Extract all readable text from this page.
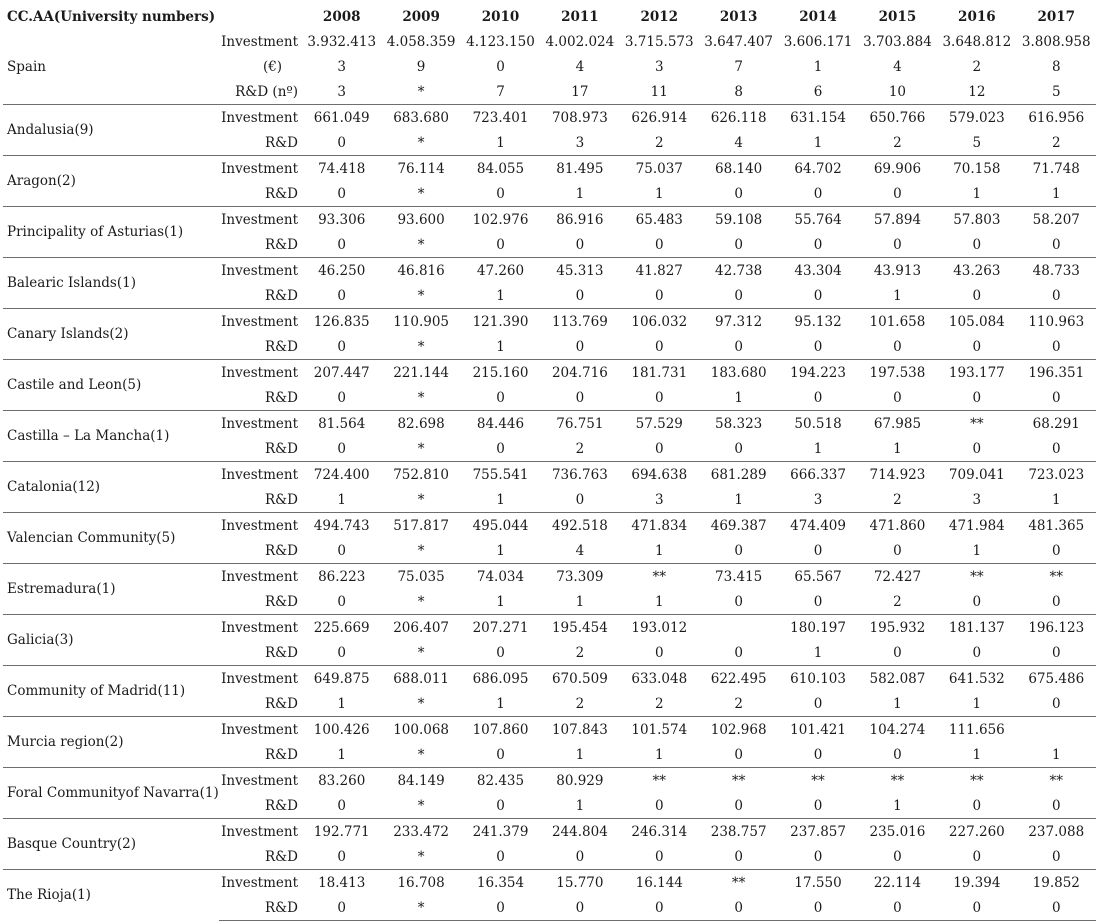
CC.AA(University numbers)		2008	2009	2010	2011	2012	2013	2014	2015	2016	2017
	Investment	3.932.413	4.058.359	4.123.150	4.002.024	3.715.573	3.647.407	3.606.171	3.703.884	3.648.812	3.808.958
Spain	(€)	3	9	0	4	3	7	1	4	2	8
	R&D (nº)	3	*	7	17	11	8	6	10	12	5
Andalusia(9)	Investment	661.049	683.680	723.401	708.973	626.914	626.118	631.154	650.766	579.023	616.956
	R&D	0	*	1	3	2	4	1	2	5	2
Aragon(2)	Investment	74.418	76.114	84.055	81.495	75.037	68.140	64.702	69.906	70.158	71.748
	R&D	0	*	0	1	1	0	0	0	1	1
Principality of Asturias(1)	Investment	93.306	93.600	102.976	86.916	65.483	59.108	55.764	57.894	57.803	58.207
	R&D	0	*	0	0	0	0	0	0	0	0
Balearic Islands(1)	Investment	46.250	46.816	47.260	45.313	41.827	42.738	43.304	43.913	43.263	48.733
	R&D	0	*	1	0	0	0	0	1	0	0
Canary Islands(2)	Investment	126.835	110.905	121.390	113.769	106.032	97.312	95.132	101.658	105.084	110.963
	R&D	0	*	1	0	0	0	0	0	0	0
Castile and Leon(5)	Investment	207.447	221.144	215.160	204.716	181.731	183.680	194.223	197.538	193.177	196.351
	R&D	0	*	0	0	0	1	0	0	0	0
Castilla – La Mancha(1)	Investment	81.564	82.698	84.446	76.751	57.529	58.323	50.518	67.985	**	68.291
	R&D	0	*	0	2	0	0	1	1	0	0
Catalonia(12)	Investment	724.400	752.810	755.541	736.763	694.638	681.289	666.337	714.923	709.041	723.023
	R&D	1	*	1	0	3	1	3	2	3	1
Valencian Community(5)	Investment	494.743	517.817	495.044	492.518	471.834	469.387	474.409	471.860	471.984	481.365
	R&D	0	*	1	4	1	0	0	0	1	0
Estremadura(1)	Investment	86.223	75.035	74.034	73.309	**	73.415	65.567	72.427	**	**
	R&D	0	*	1	1	1	0	0	2	0	0
Galicia(3)	Investment	225.669	206.407	207.271	195.454	193.012		180.197	195.932	181.137	196.123
	R&D	0	*	0	2	0	0	1	0	0	0
Community of Madrid(11)	Investment	649.875	688.011	686.095	670.509	633.048	622.495	610.103	582.087	641.532	675.486
	R&D	1	*	1	2	2	2	0	1	1	0
Murcia region(2)	Investment	100.426	100.068	107.860	107.843	101.574	102.968	101.421	104.274	111.656	
	R&D	1	*	0	1	1	0	0	0	1	1
Foral Communityof Navarra(1)	Investment	83.260	84.149	82.435	80.929	**	**	**	**	**	**
	R&D	0	*	0	1	0	0	0	1	0	0
Basque Country(2)	Investment	192.771	233.472	241.379	244.804	246.314	238.757	237.857	235.016	227.260	237.088
	R&D	0	*	0	0	0	0	0	0	0	0
The Rioja(1)	Investment	18.413	16.708	16.354	15.770	16.144	**	17.550	22.114	19.394	19.852
	R&D	0	*	0	0	0	0	0	0	0	0
